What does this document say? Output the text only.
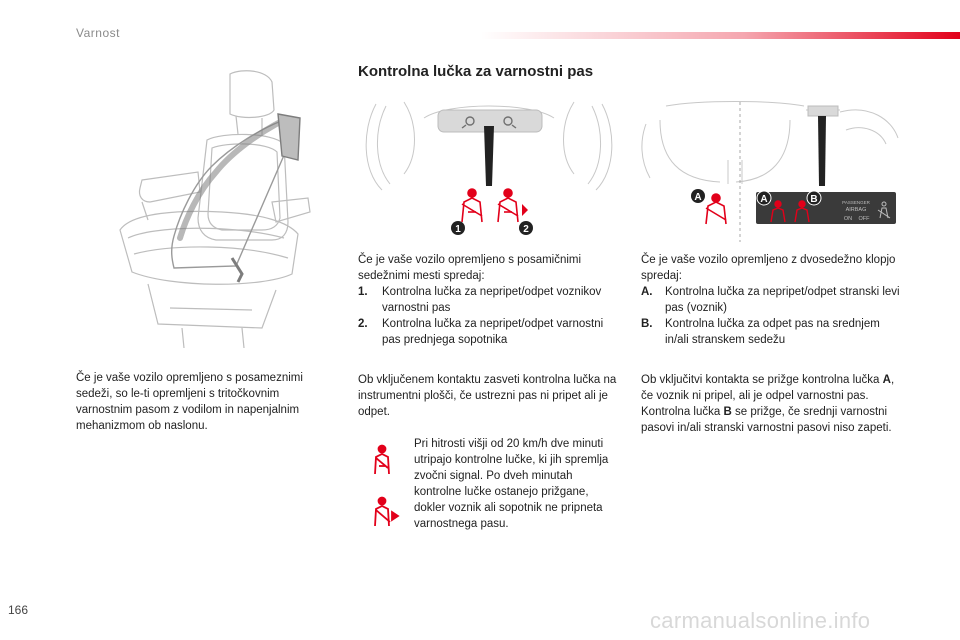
Varnost
Kontrolna lučka za varnostni pas
1	2
A	A	B	PASSENGER
AIRBAG
ON OFF

Če je vaše vozilo opremljeno s posameznimi sedeži, so le-ti opremljeni s tritočkovnim varnostnim pasom z vodilom in napenjalnim mehanizmom ob naslonu.

Če je vaše vozilo opremljeno s posamičnimi sedežnimi mesti spredaj:

1. Kontrolna lučka za nepripet/odpet voznikov varnostni pas
2. Kontrolna lučka za nepripet/odpet varnostni pas prednjega sopotnika

Ob vključenem kontaktu zasveti kontrolna lučka na instrumentni plošči, če ustrezni pas ni pripet ali je odpet.

Pri hitrosti višji od 20 km/h dve minuti utripajo kontrolne lučke, ki jih spremlja zvočni signal. Po dveh minutah kontrolne lučke ostanejo prižgane, dokler voznik ali sopotnik ne pripneta varnostnega pasu.

Če je vaše vozilo opremljeno z dvosedežno klopjo spredaj:

A. Kontrolna lučka za nepripet/odpet stranski levi pas (voznik)
B. Kontrolna lučka za odpet pas na srednjem in/ali stranskem sedežu

Ob vključitvi kontakta se prižge kontrolna lučka A, če voznik ni pripel, ali je odpel varnostni pas.

Kontrolna lučka B se prižge, če srednji varnostni pasovi in/ali stranski varnostni pasovi niso zapeti.

166	carmanualsonline.info
